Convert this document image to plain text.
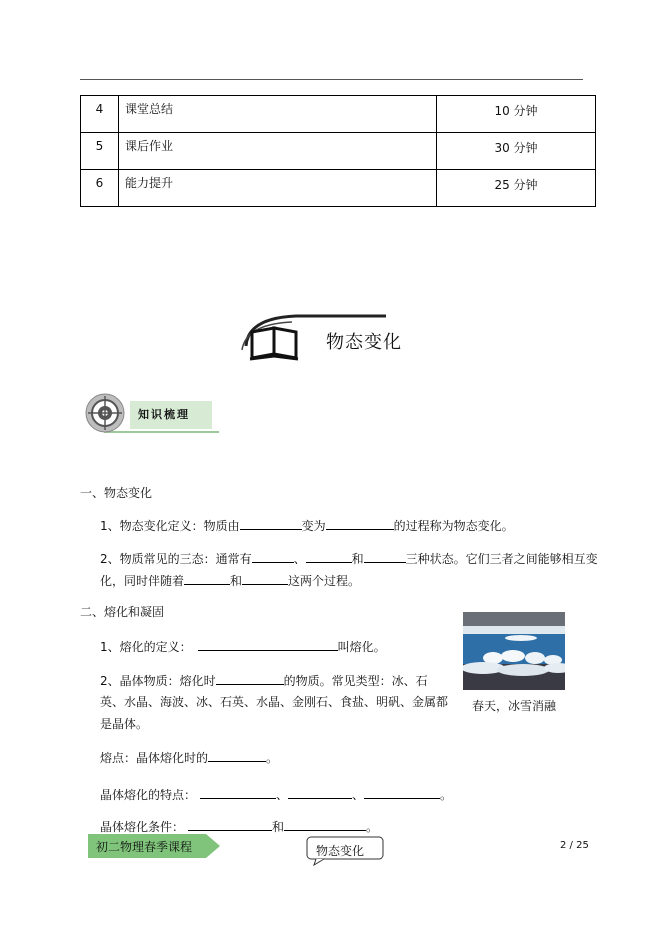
4	课堂总结	10 分钟
5	课后作业	30 分钟
6	能力提升	25 分钟
物态变化
知识梳理
一、物态变化
1、物态变化定义：物质由	变为	的过程称为物态变化。
2、物质常见的三态：通常有	、	和	三种状态。它们三者之间能够相互变
化，同时伴随着	和	这两个过程。
二、熔化和凝固
1、熔化的定义：	叫熔化。
2、晶体物质：熔化时	的物质。常见类型：冰、石
英、水晶、海波、冰、石英、水晶、金刚石、食盐、明矾、金属都
是晶体。
熔点：晶体熔化时的	。
晶体熔化的特点：	、	、	。
晶体熔化条件：	和	。
春天，冰雪消融
初二物理春季课程	物态变化	2 / 25
